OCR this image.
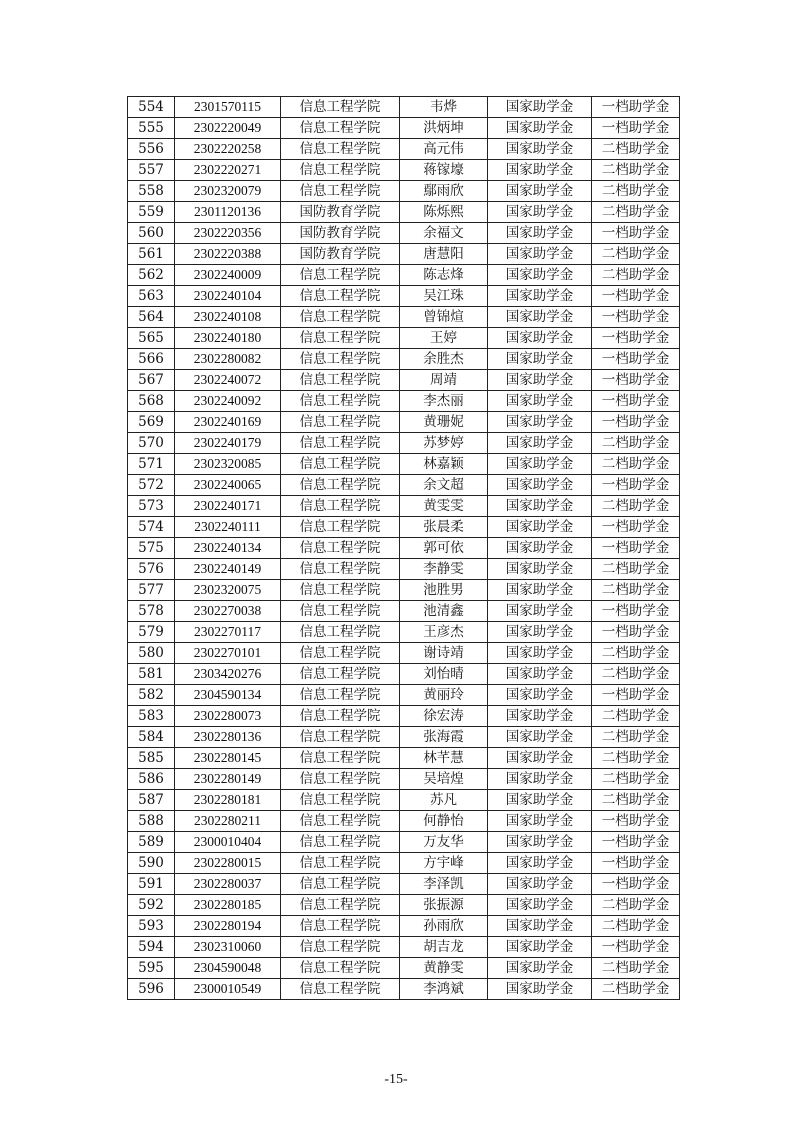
554	2301570115	信息工程学院	韦烨	国家助学金	一档助学金
555	2302220049	信息工程学院	洪炳坤	国家助学金	一档助学金
556	2302220258	信息工程学院	高元伟	国家助学金	二档助学金
557	2302220271	信息工程学院	蒋镓壕	国家助学金	二档助学金
558	2302320079	信息工程学院	鄢雨欣	国家助学金	二档助学金
559	2301120136	国防教育学院	陈烁熙	国家助学金	二档助学金
560	2302220356	国防教育学院	余福文	国家助学金	一档助学金
561	2302220388	国防教育学院	唐慧阳	国家助学金	二档助学金
562	2302240009	信息工程学院	陈志烽	国家助学金	二档助学金
563	2302240104	信息工程学院	吴江珠	国家助学金	一档助学金
564	2302240108	信息工程学院	曾锦煊	国家助学金	一档助学金
565	2302240180	信息工程学院	王婷	国家助学金	一档助学金
566	2302280082	信息工程学院	余胜杰	国家助学金	一档助学金
567	2302240072	信息工程学院	周靖	国家助学金	一档助学金
568	2302240092	信息工程学院	李杰丽	国家助学金	一档助学金
569	2302240169	信息工程学院	黄珊妮	国家助学金	一档助学金
570	2302240179	信息工程学院	苏梦婷	国家助学金	二档助学金
571	2302320085	信息工程学院	林嘉颖	国家助学金	二档助学金
572	2302240065	信息工程学院	余文超	国家助学金	一档助学金
573	2302240171	信息工程学院	黄雯雯	国家助学金	二档助学金
574	2302240111	信息工程学院	张晨柔	国家助学金	一档助学金
575	2302240134	信息工程学院	郭可依	国家助学金	一档助学金
576	2302240149	信息工程学院	李静雯	国家助学金	二档助学金
577	2302320075	信息工程学院	池胜男	国家助学金	二档助学金
578	2302270038	信息工程学院	池清鑫	国家助学金	一档助学金
579	2302270117	信息工程学院	王彦杰	国家助学金	一档助学金
580	2302270101	信息工程学院	谢诗靖	国家助学金	二档助学金
581	2303420276	信息工程学院	刘怡晴	国家助学金	二档助学金
582	2304590134	信息工程学院	黄丽玲	国家助学金	一档助学金
583	2302280073	信息工程学院	徐宏涛	国家助学金	二档助学金
584	2302280136	信息工程学院	张海霞	国家助学金	二档助学金
585	2302280145	信息工程学院	林芊慧	国家助学金	二档助学金
586	2302280149	信息工程学院	吴培煌	国家助学金	二档助学金
587	2302280181	信息工程学院	苏凡	国家助学金	二档助学金
588	2302280211	信息工程学院	何静怡	国家助学金	一档助学金
589	2300010404	信息工程学院	万友华	国家助学金	一档助学金
590	2302280015	信息工程学院	方宇峰	国家助学金	一档助学金
591	2302280037	信息工程学院	李泽凯	国家助学金	一档助学金
592	2302280185	信息工程学院	张振源	国家助学金	二档助学金
593	2302280194	信息工程学院	孙雨欣	国家助学金	二档助学金
594	2302310060	信息工程学院	胡吉龙	国家助学金	一档助学金
595	2304590048	信息工程学院	黄静雯	国家助学金	二档助学金
596	2300010549	信息工程学院	李鸿斌	国家助学金	二档助学金
-15-
